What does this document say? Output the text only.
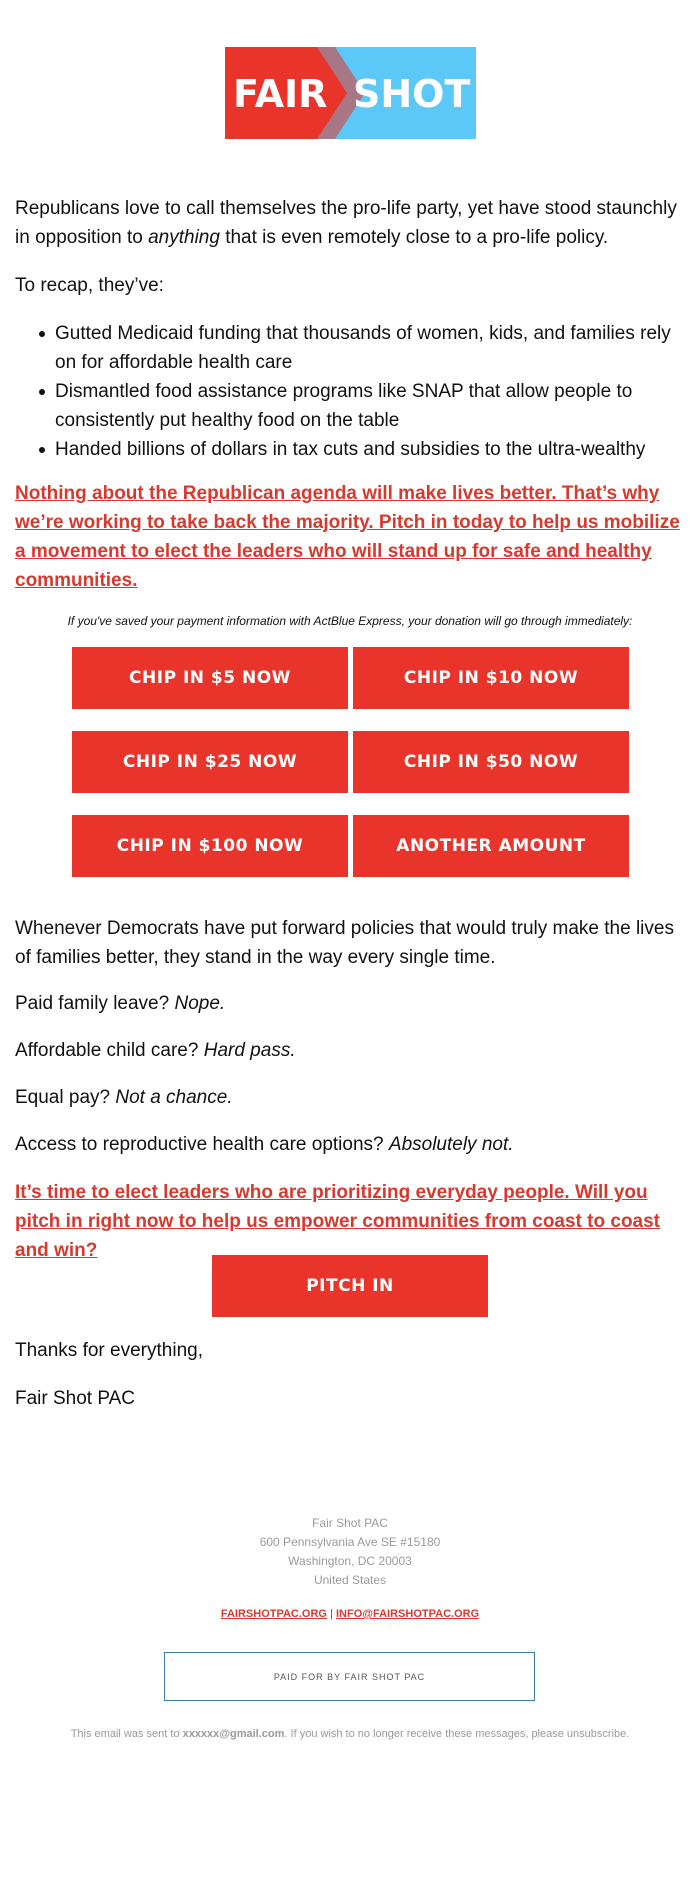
FAIR SHOT

Republicans love to call themselves the pro-life party, yet have stood staunchly in opposition to anything that is even remotely close to a pro-life policy.

To recap, they’ve:

Gutted Medicaid funding that thousands of women, kids, and families rely on for affordable health care
Dismantled food assistance programs like SNAP that allow people to consistently put healthy food on the table
Handed billions of dollars in tax cuts and subsidies to the ultra-wealthy
Nothing about the Republican agenda will make lives better. That’s why we’re working to take back the majority. Pitch in today to help us mobilize a movement to elect the leaders who will stand up for safe and healthy communities.

If you've saved your payment information with ActBlue Express, your donation will go through immediately:

CHIP IN $5 NOW	CHIP IN $10 NOW
CHIP IN $25 NOW	CHIP IN $50 NOW
CHIP IN $100 NOW	ANOTHER AMOUNT

Whenever Democrats have put forward policies that would truly make the lives of families better, they stand in the way every single time.

Paid family leave? Nope.

Affordable child care? Hard pass.

Equal pay? Not a chance.

Access to reproductive health care options? Absolutely not.

It’s time to elect leaders who are prioritizing everyday people. Will you pitch in right now to help us empower communities from coast to coast and win?
PITCH IN

Thanks for everything,

Fair Shot PAC

Fair Shot PAC
600 Pennsylvania Ave SE #15180
Washington, DC 20003
United States
FAIRSHOTPAC.ORG | INFO@FAIRSHOTPAC.ORG
PAID FOR BY FAIR SHOT PAC

This email was sent to xxxxxx@gmail.com. If you wish to no longer receive these messages, please unsubscribe.
